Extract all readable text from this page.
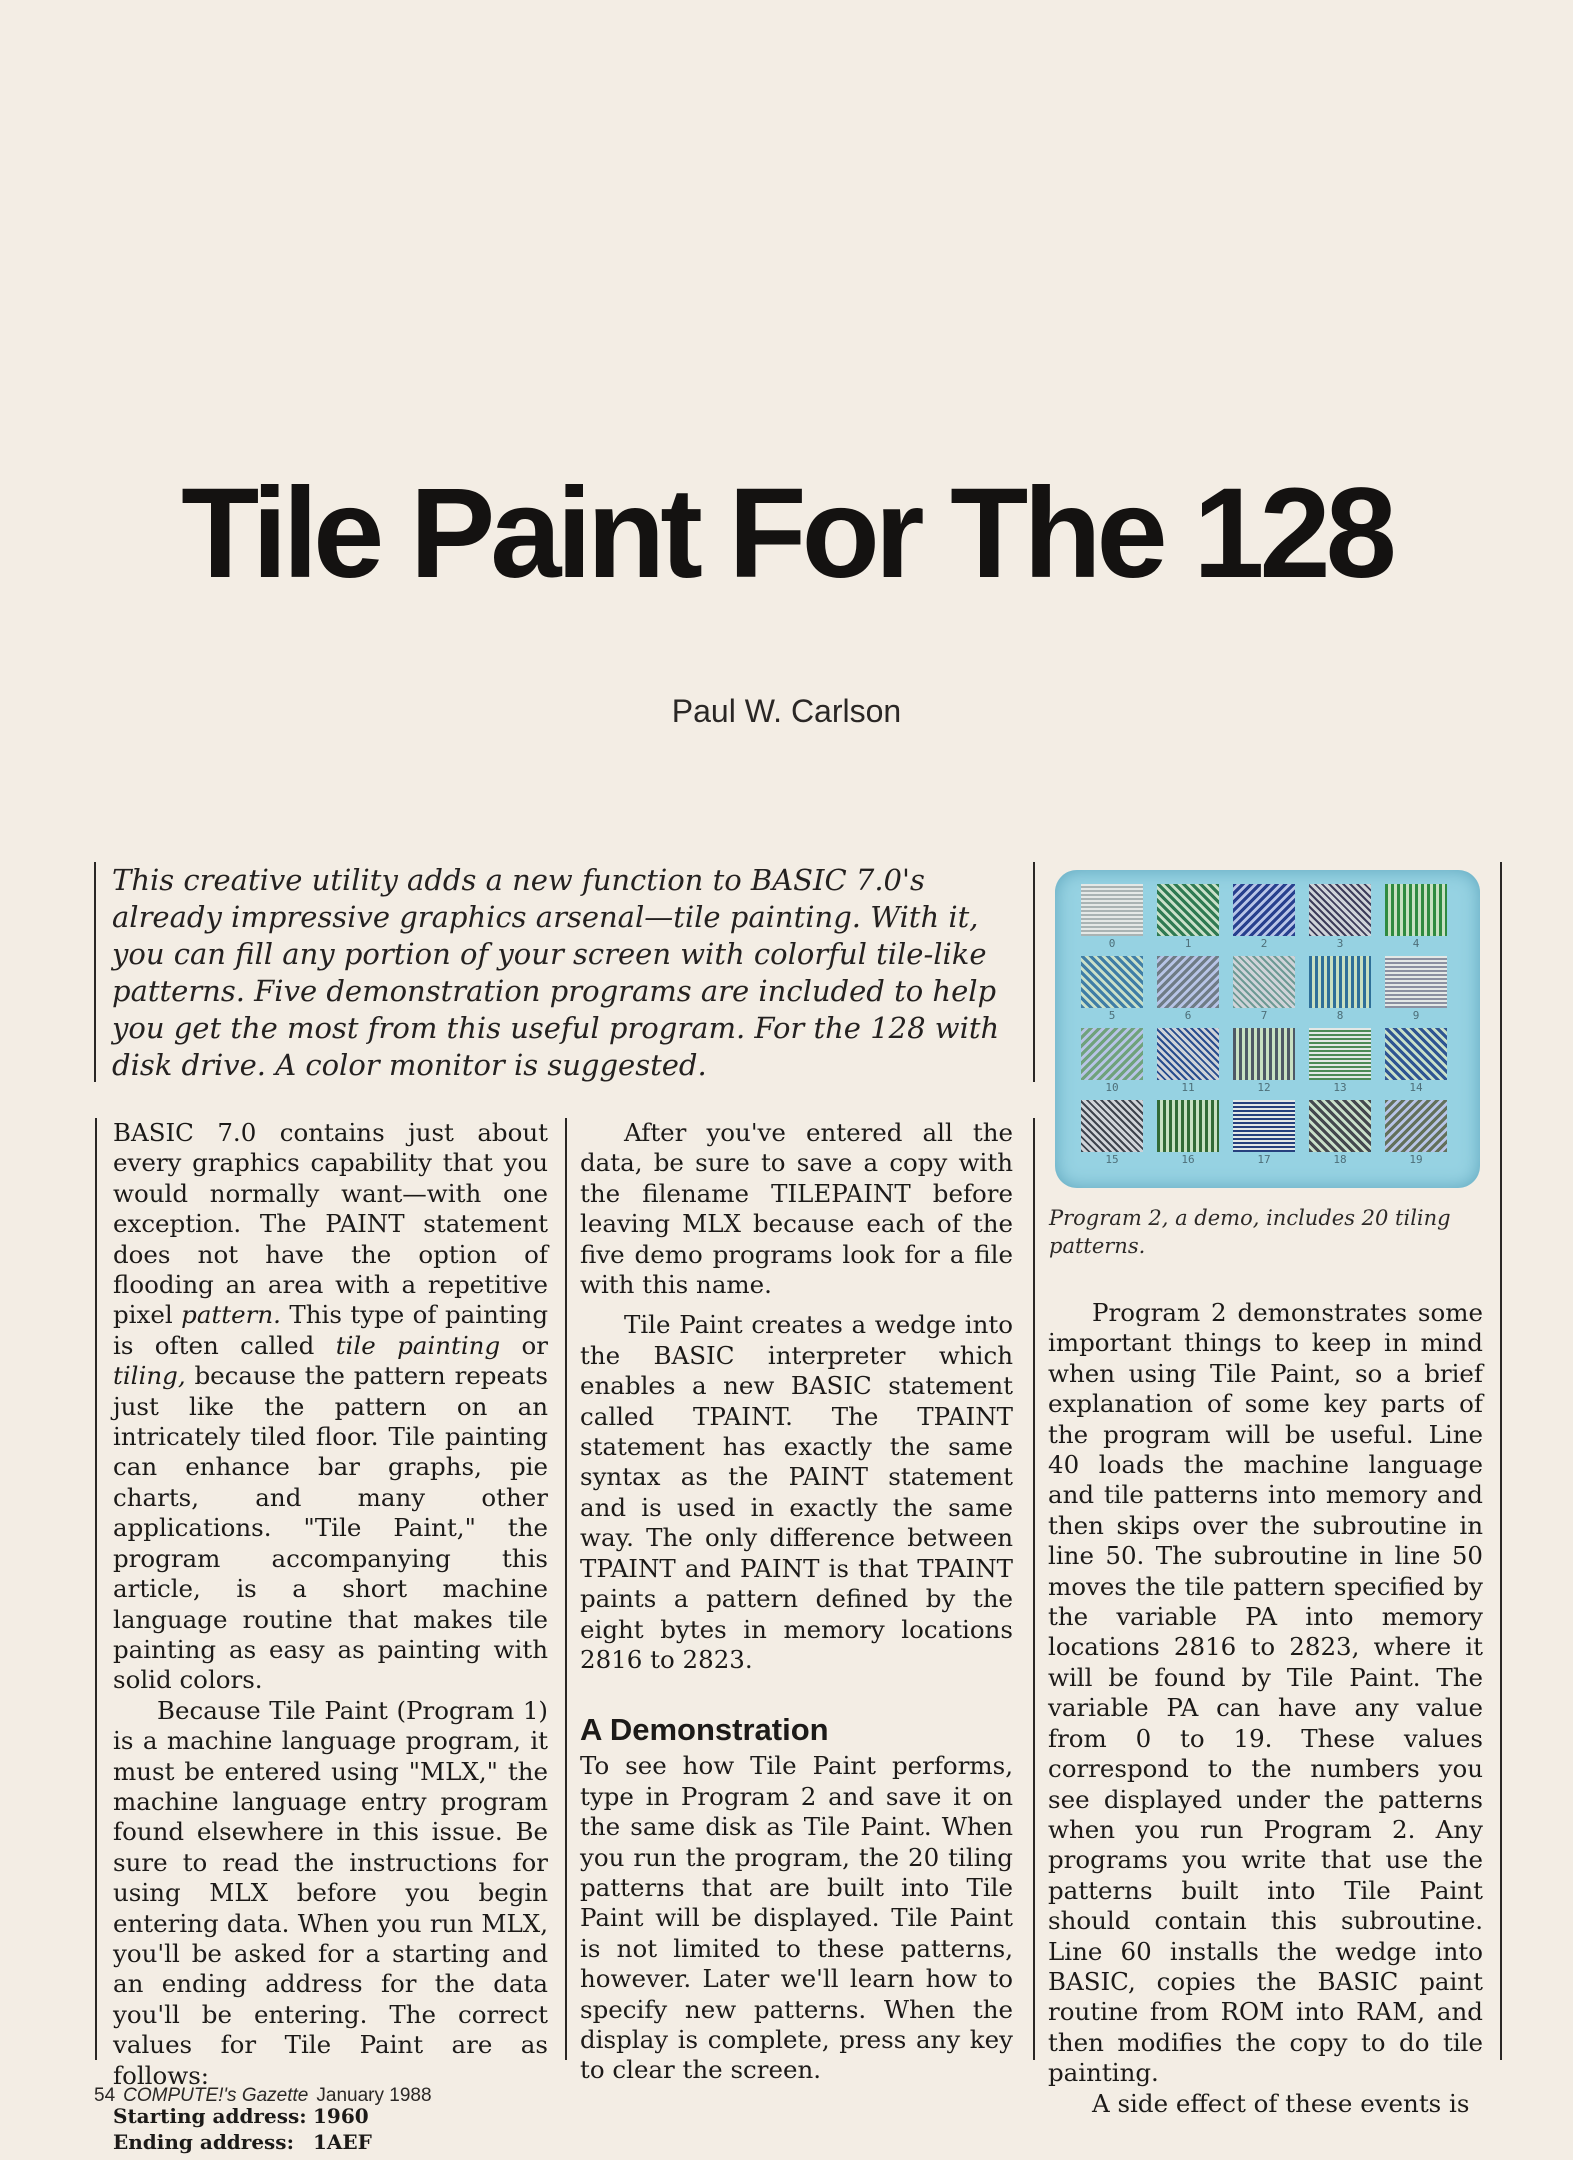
Tile Paint For The 128
Paul W. Carlson

This creative utility adds a new function to BASIC 7.0's already impressive graphics arsenal—tile painting. With it, you can fill any portion of your screen with colorful tile-like patterns. Five demonstration programs are included to help you get the most from this useful program. For the 128 with disk drive. A color monitor is suggested.

BASIC 7.0 contains just about every graphics capability that you would normally want—with one exception. The PAINT statement does not have the option of flooding an area with a repetitive pixel pattern. This type of painting is often called tile painting or tiling, because the pattern repeats just like the pattern on an intricately tiled floor. Tile painting can enhance bar graphs, pie charts, and many other applications. "Tile Paint," the program accompanying this article, is a short machine language routine that makes tile painting as easy as painting with solid colors.

Because Tile Paint (Program 1) is a machine language program, it must be entered using "MLX," the machine language entry program found elsewhere in this issue. Be sure to read the instructions for using MLX before you begin entering data. When you run MLX, you'll be asked for a starting and an ending address for the data you'll be entering. The correct values for Tile Paint are as follows:

Starting address: 1960
Ending address: 1AEF

After you've entered all the data, be sure to save a copy with the filename TILEPAINT before leaving MLX because each of the five demo programs look for a file with this name.

Tile Paint creates a wedge into the BASIC interpreter which enables a new BASIC statement called TPAINT. The TPAINT statement has exactly the same syntax as the PAINT statement and is used in exactly the same way. The only difference between TPAINT and PAINT is that TPAINT paints a pattern defined by the eight bytes in memory locations 2816 to 2823.

A Demonstration

To see how Tile Paint performs, type in Program 2 and save it on the same disk as Tile Paint. When you run the program, the 20 tiling patterns that are built into Tile Paint will be displayed. Tile Paint is not limited to these patterns, however. Later we'll learn how to specify new patterns. When the display is complete, press any key to clear the screen.

0	1	2	3	4
5	6	7	8	9
10	11	12	13	14
15	16	17	18	19
Program 2, a demo, includes 20 tiling patterns.

Program 2 demonstrates some important things to keep in mind when using Tile Paint, so a brief explanation of some key parts of the program will be useful. Line 40 loads the machine language and tile patterns into memory and then skips over the subroutine in line 50. The subroutine in line 50 moves the tile pattern specified by the variable PA into memory locations 2816 to 2823, where it will be found by Tile Paint. The variable PA can have any value from 0 to 19. These values correspond to the numbers you see displayed under the patterns when you run Program 2. Any programs you write that use the patterns built into Tile Paint should contain this subroutine. Line 60 installs the wedge into BASIC, copies the BASIC paint routine from ROM into RAM, and then modifies the copy to do tile painting.

A side effect of these events is

54 COMPUTE!'s Gazette January 1988
